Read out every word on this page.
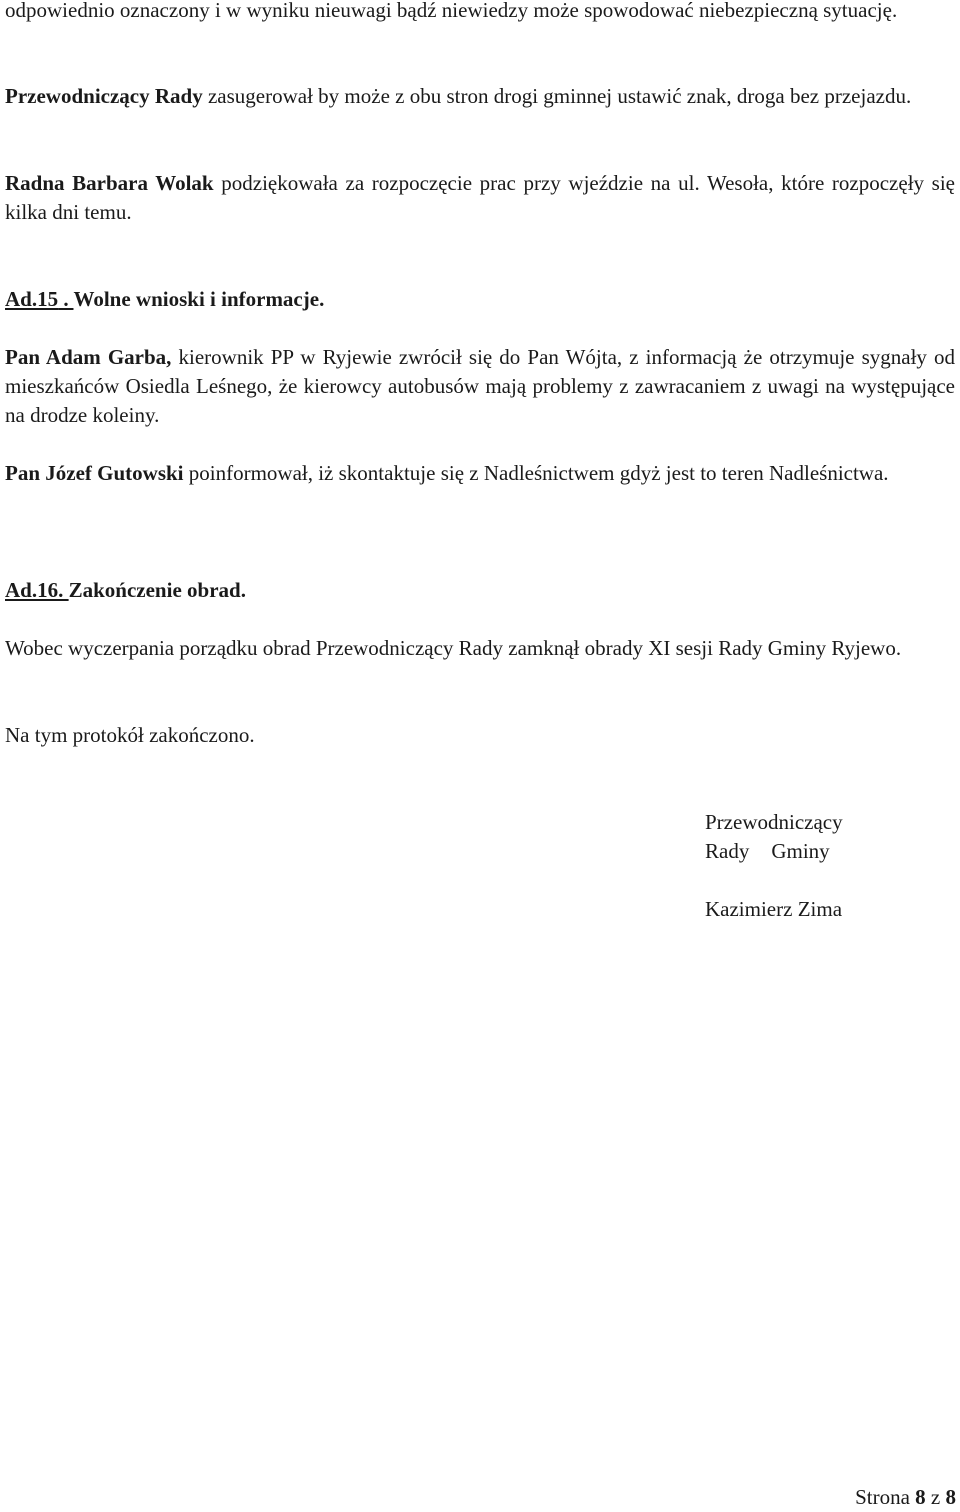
odpowiednio oznaczony i w wyniku nieuwagi bądź niewiedzy może spowodować niebezpieczną sytuację.

Przewodniczący Rady zasugerował by może z obu stron drogi gminnej ustawić znak, droga bez przejazdu.

Radna Barbara Wolak podziękowała za rozpoczęcie prac przy wjeździe na ul. Wesoła, które rozpoczęły się kilka dni temu.

Ad.15 . Wolne wnioski i informacje.

Pan Adam Garba, kierownik PP w Ryjewie zwrócił się do Pan Wójta, z informacją że otrzymuje sygnały od mieszkańców Osiedla Leśnego, że kierowcy autobusów mają problemy z zawracaniem z uwagi na występujące na drodze koleiny.

Pan Józef Gutowski poinformował, iż skontaktuje się z Nadleśnictwem gdyż jest to teren Nadleśnictwa.

Ad.16. Zakończenie obrad.

Wobec wyczerpania porządku obrad Przewodniczący Rady zamknął obrady XI sesji Rady Gminy Ryjewo.

Na tym protokół zakończono.

Przewodniczący

Rady Gminy

Kazimierz Zima

Strona 8 z 8
